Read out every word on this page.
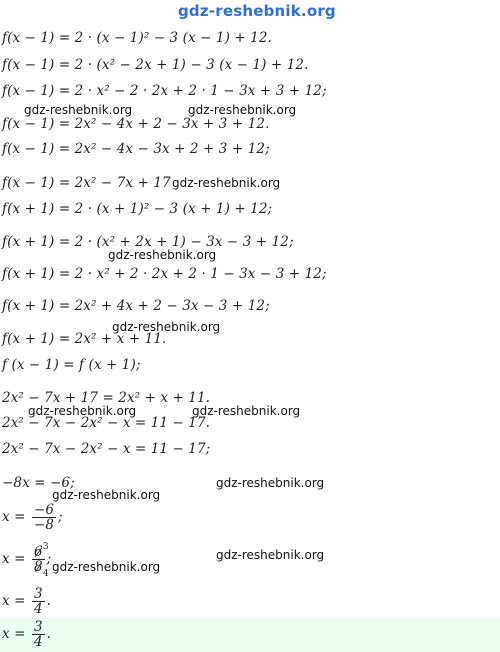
gdz-reshebnik.org
f(x − 1) = 2 · (x − 1)² − 3 (x − 1) + 12.
f(x − 1) = 2 · (x² − 2x + 1) − 3 (x − 1) + 12.
f(x − 1) = 2 · x² − 2 · 2x + 2 · 1 − 3x + 3 + 12;
gdz-reshebnik.org	gdz-reshebnik.org
f(x − 1) = 2x² − 4x + 2 − 3x + 3 + 12.
f(x − 1) = 2x² − 4x − 3x + 2 + 3 + 12;
f(x − 1) = 2x² − 7x + 17 gdz-reshebnik.org
f(x + 1) = 2 · (x + 1)² − 3 (x + 1) + 12;
f(x + 1) = 2 · (x² + 2x + 1) − 3x − 3 + 12;
gdz-reshebnik.org
f(x + 1) = 2 · x² + 2 · 2x + 2 · 1 − 3x − 3 + 12;
f(x + 1) = 2x² + 4x + 2 − 3x − 3 + 12;
gdz-reshebnik.org
f(x + 1) = 2x² + x + 11.
f (x − 1) = f (x + 1);
2x² − 7x + 17 = 2x² + x + 11.
gdz-reshebnik.org	gdz-reshebnik.org
2x² − 7x − 2x² − x = 11 − 17.
2x² − 7x − 2x² − x = 11 − 17;
−8x = −6;	gdz-reshebnik.org
gdz-reshebnik.org
$x = \frac{-6}{-8}$ ;
gdz-reshebnik.org
x = 6
8
3
4
; gdz-reshebnik.org
$x = \frac{3}{4}$ .
$x = \frac{3}{4}$ .
